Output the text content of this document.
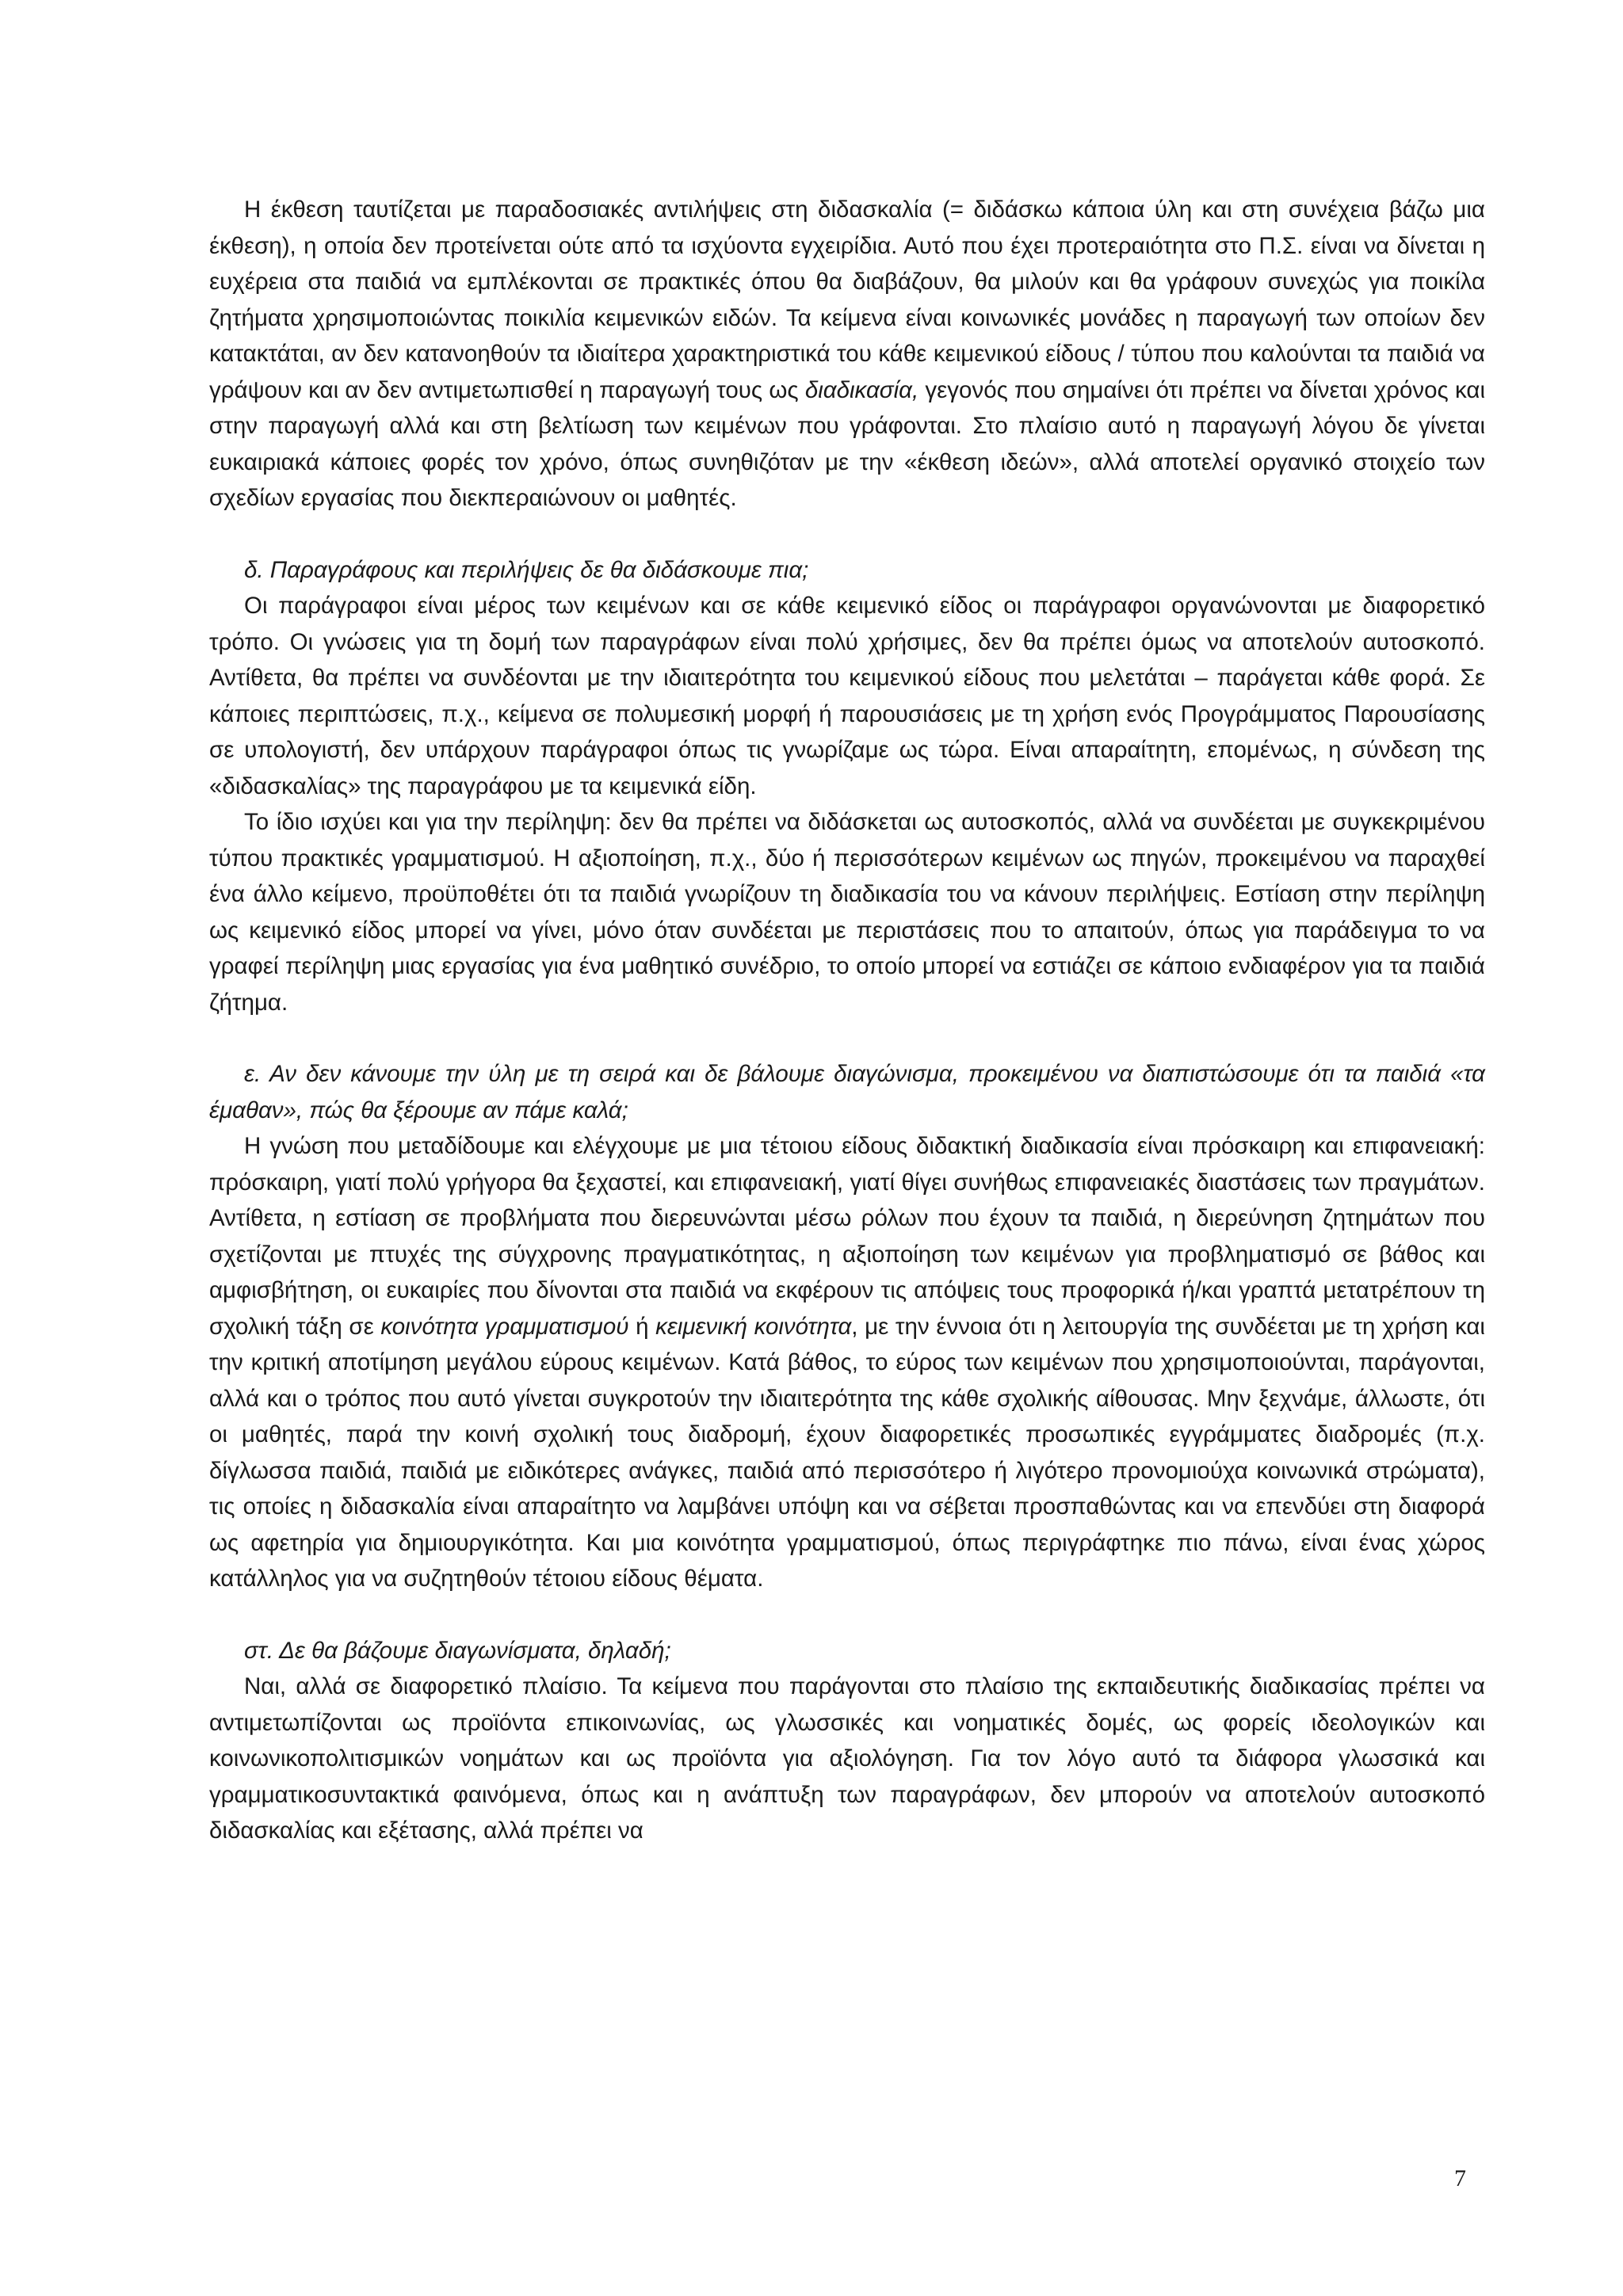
Η έκθεση ταυτίζεται με παραδοσιακές αντιλήψεις στη διδασκαλία (= διδάσκω κάποια ύλη και στη συνέχεια βάζω μια έκθεση), η οποία δεν προτείνεται ούτε από τα ισχύοντα εγχειρίδια. Αυτό που έχει προτεραιότητα στο Π.Σ. είναι να δίνεται η ευχέρεια στα παιδιά να εμπλέκονται σε πρακτικές όπου θα διαβάζουν, θα μιλούν και θα γράφουν συνεχώς για ποικίλα ζητήματα χρησιμοποιώντας ποικιλία κειμενικών ειδών. Τα κείμενα είναι κοινωνικές μονάδες η παραγωγή των οποίων δεν κατακτάται, αν δεν κατανοηθούν τα ιδιαίτερα χαρακτηριστικά του κάθε κειμενικού είδους / τύπου που καλούνται τα παιδιά να γράψουν και αν δεν αντιμετωπισθεί η παραγωγή τους ως διαδικασία, γεγονός που σημαίνει ότι πρέπει να δίνεται χρόνος και στην παραγωγή αλλά και στη βελτίωση των κειμένων που γράφονται. Στο πλαίσιο αυτό η παραγωγή λόγου δε γίνεται ευκαιριακά κάποιες φορές τον χρόνο, όπως συνηθιζόταν με την «έκθεση ιδεών», αλλά αποτελεί οργανικό στοιχείο των σχεδίων εργασίας που διεκπεραιώνουν οι μαθητές.

δ. Παραγράφους και περιλήψεις δε θα διδάσκουμε πια;

Οι παράγραφοι είναι μέρος των κειμένων και σε κάθε κειμενικό είδος οι παράγραφοι οργανώνονται με διαφορετικό τρόπο. Οι γνώσεις για τη δομή των παραγράφων είναι πολύ χρήσιμες, δεν θα πρέπει όμως να αποτελούν αυτοσκοπό. Αντίθετα, θα πρέπει να συνδέονται με την ιδιαιτερότητα του κειμενικού είδους που μελετάται – παράγεται κάθε φορά. Σε κάποιες περιπτώσεις, π.χ., κείμενα σε πολυμεσική μορφή ή παρουσιάσεις με τη χρήση ενός Προγράμματος Παρουσίασης σε υπολογιστή, δεν υπάρχουν παράγραφοι όπως τις γνωρίζαμε ως τώρα. Είναι απαραίτητη, επομένως, η σύνδεση της «διδασκαλίας» της παραγράφου με τα κειμενικά είδη.

Το ίδιο ισχύει και για την περίληψη: δεν θα πρέπει να διδάσκεται ως αυτοσκοπός, αλλά να συνδέεται με συγκεκριμένου τύπου πρακτικές γραμματισμού. Η αξιοποίηση, π.χ., δύο ή περισσότερων κειμένων ως πηγών, προκειμένου να παραχθεί ένα άλλο κείμενο, προϋποθέτει ότι τα παιδιά γνωρίζουν τη διαδικασία του να κάνουν περιλήψεις. Εστίαση στην περίληψη ως κειμενικό είδος μπορεί να γίνει, μόνο όταν συνδέεται με περιστάσεις που το απαιτούν, όπως για παράδειγμα το να γραφεί περίληψη μιας εργασίας για ένα μαθητικό συνέδριο, το οποίο μπορεί να εστιάζει σε κάποιο ενδιαφέρον για τα παιδιά ζήτημα.

ε. Αν δεν κάνουμε την ύλη με τη σειρά και δε βάλουμε διαγώνισμα, προκειμένου να διαπιστώσουμε ότι τα παιδιά «τα έμαθαν», πώς θα ξέρουμε αν πάμε καλά;

Η γνώση που μεταδίδουμε και ελέγχουμε με μια τέτοιου είδους διδακτική διαδικασία είναι πρόσκαιρη και επιφανειακή: πρόσκαιρη, γιατί πολύ γρήγορα θα ξεχαστεί, και επιφανειακή, γιατί θίγει συνήθως επιφανειακές διαστάσεις των πραγμάτων. Αντίθετα, η εστίαση σε προβλήματα που διερευνώνται μέσω ρόλων που έχουν τα παιδιά, η διερεύνηση ζητημάτων που σχετίζονται με πτυχές της σύγχρονης πραγματικότητας, η αξιοποίηση των κειμένων για προβληματισμό σε βάθος και αμφισβήτηση, οι ευκαιρίες που δίνονται στα παιδιά να εκφέρουν τις απόψεις τους προφορικά ή/και γραπτά μετατρέπουν τη σχολική τάξη σε κοινότητα γραμματισμού ή κειμενική κοινότητα, με την έννοια ότι η λειτουργία της συνδέεται με τη χρήση και την κριτική αποτίμηση μεγάλου εύρους κειμένων. Κατά βάθος, το εύρος των κειμένων που χρησιμοποιούνται, παράγονται, αλλά και ο τρόπος που αυτό γίνεται συγκροτούν την ιδιαιτερότητα της κάθε σχολικής αίθουσας. Μην ξεχνάμε, άλλωστε, ότι οι μαθητές, παρά την κοινή σχολική τους διαδρομή, έχουν διαφορετικές προσωπικές εγγράμματες διαδρομές (π.χ. δίγλωσσα παιδιά, παιδιά με ειδικότερες ανάγκες, παιδιά από περισσότερο ή λιγότερο προνομιούχα κοινωνικά στρώματα), τις οποίες η διδασκαλία είναι απαραίτητο να λαμβάνει υπόψη και να σέβεται προσπαθώντας και να επενδύει στη διαφορά ως αφετηρία για δημιουργικότητα. Και μια κοινότητα γραμματισμού, όπως περιγράφτηκε πιο πάνω, είναι ένας χώρος κατάλληλος για να συζητηθούν τέτοιου είδους θέματα.

στ. Δε θα βάζουμε διαγωνίσματα, δηλαδή;

Ναι, αλλά σε διαφορετικό πλαίσιο. Τα κείμενα που παράγονται στο πλαίσιο της εκπαιδευτικής διαδικασίας πρέπει να αντιμετωπίζονται ως προϊόντα επικοινωνίας, ως γλωσσικές και νοηματικές δομές, ως φορείς ιδεολογικών και κοινωνικοπολιτισμικών νοημάτων και ως προϊόντα για αξιολόγηση. Για τον λόγο αυτό τα διάφορα γλωσσικά και γραμματικοσυντακτικά φαινόμενα, όπως και η ανάπτυξη των παραγράφων, δεν μπορούν να αποτελούν αυτοσκοπό διδασκαλίας και εξέτασης, αλλά πρέπει να

7
